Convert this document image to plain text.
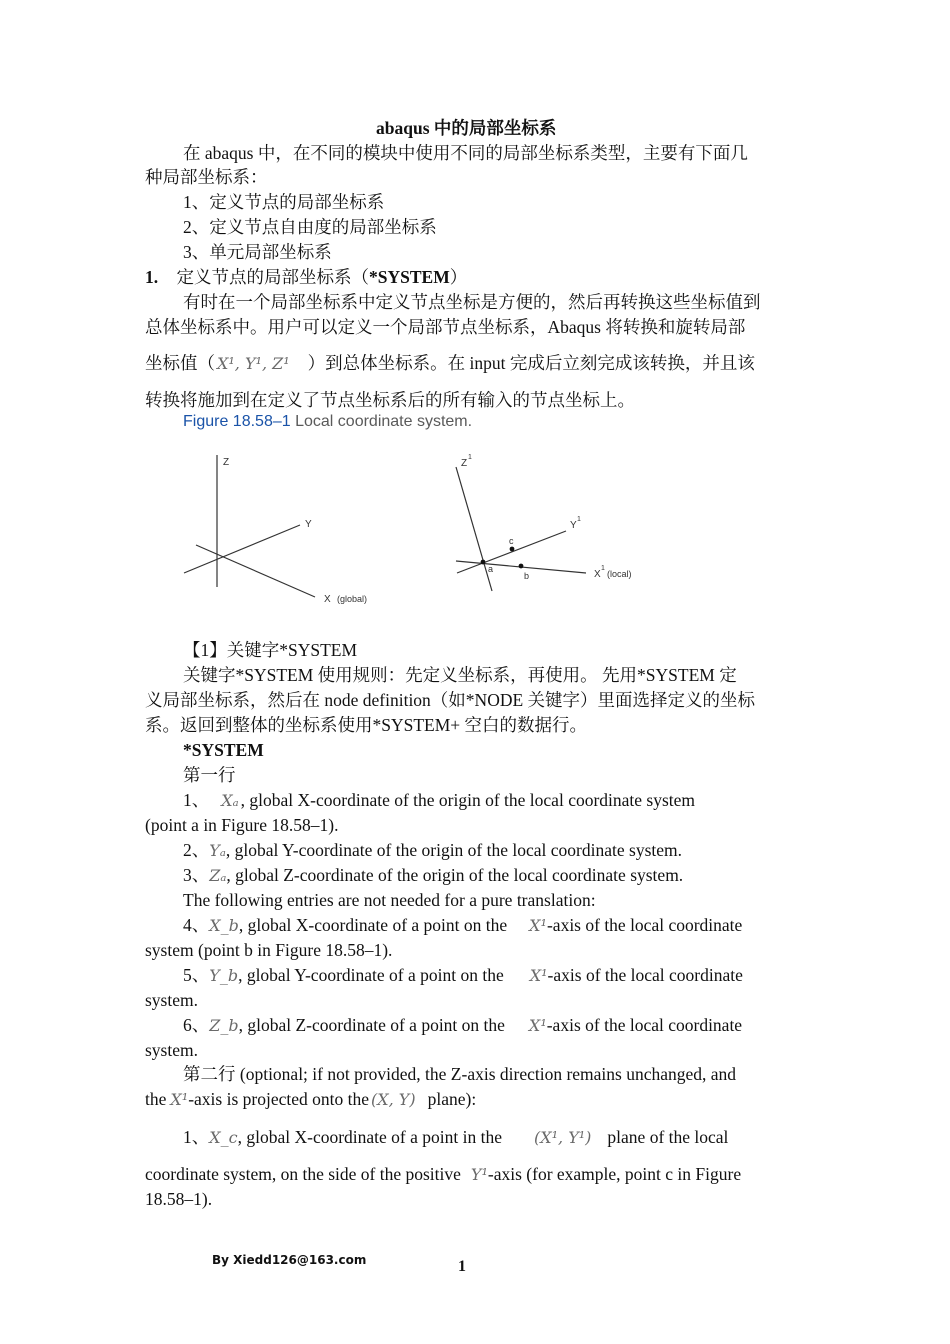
abaqus 中的局部坐标系
在 abaqus 中，在不同的模块中使用不同的局部坐标系类型，主要有下面几
种局部坐标系：
1、定义节点的局部坐标系
2、定义节点自由度的局部坐标系
3、单元局部坐标系
1. 定义节点的局部坐标系（*SYSTEM）
有时在一个局部坐标系中定义节点坐标是方便的，然后再转换这些坐标值到
总体坐标系中。用户可以定义一个局部节点坐标系，Abaqus 将转换和旋转局部
坐标值（ X¹, Y¹, Z¹ ）到总体坐标系。在 input 完成后立刻完成该转换，并且该
转换将施加到在定义了节点坐标系后的所有输入的节点坐标上。
Figure 18.58–1 Local coordinate system.
Z
Y
X (global)
a
b
c
Z
1
Y
1
X
1
(local)
【1】关键字*SYSTEM
关键字*SYSTEM 使用规则：先定义坐标系，再使用。 先用*SYSTEM 定
义局部坐标系，然后在 node definition（如*NODE 关键字）里面选择定义的坐标
系。返回到整体的坐标系使用*SYSTEM+ 空白的数据行。
*SYSTEM
第一行
1、 Xₐ , global X-coordinate of the origin of the local coordinate system
(point a in Figure 18.58–1).
2、Yₐ, global Y-coordinate of the origin of the local coordinate system.
3、Zₐ, global Z-coordinate of the origin of the local coordinate system.
The following entries are not needed for a pure translation:
4、X_b, global X-coordinate of a point on the X¹-axis of the local coordinate
system (point b in Figure 18.58–1).
5、Y_b, global Y-coordinate of a point on the X¹-axis of the local coordinate
system.
6、Z_b, global Z-coordinate of a point on the X¹-axis of the local coordinate
system.
第二行 (optional; if not provided, the Z-axis direction remains unchanged, and
the X¹-axis is projected onto the (X, Y) plane):
1、X_c, global X-coordinate of a point in the (X¹, Y¹) plane of the local
coordinate system, on the side of the positive Y¹-axis (for example, point c in Figure
18.58–1).
By Xiedd126@163.com	1
